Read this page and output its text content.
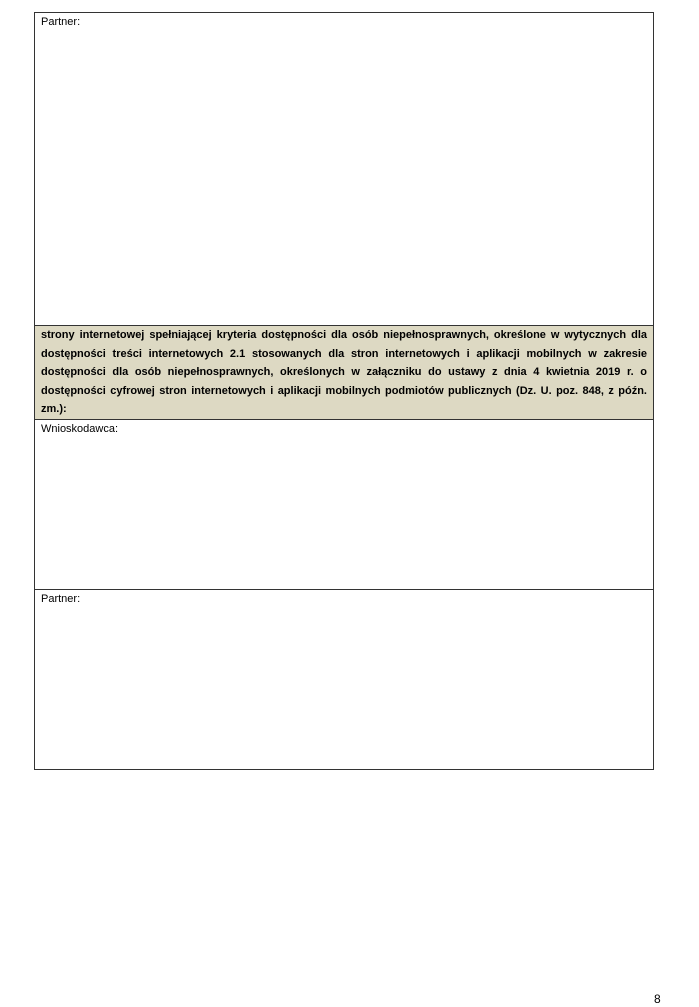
Partner:
strony internetowej spełniającej kryteria dostępności dla osób niepełnosprawnych, określone w wytycznych dla dostępności treści internetowych 2.1 stosowanych dla stron internetowych i aplikacji mobilnych w zakresie dostępności dla osób niepełnosprawnych, określonych w załączniku do ustawy z dnia 4 kwietnia 2019 r. o dostępności cyfrowej stron internetowych i aplikacji mobilnych podmiotów publicznych (Dz. U. poz. 848, z późn. zm.):
Wnioskodawca:
Partner:
8
